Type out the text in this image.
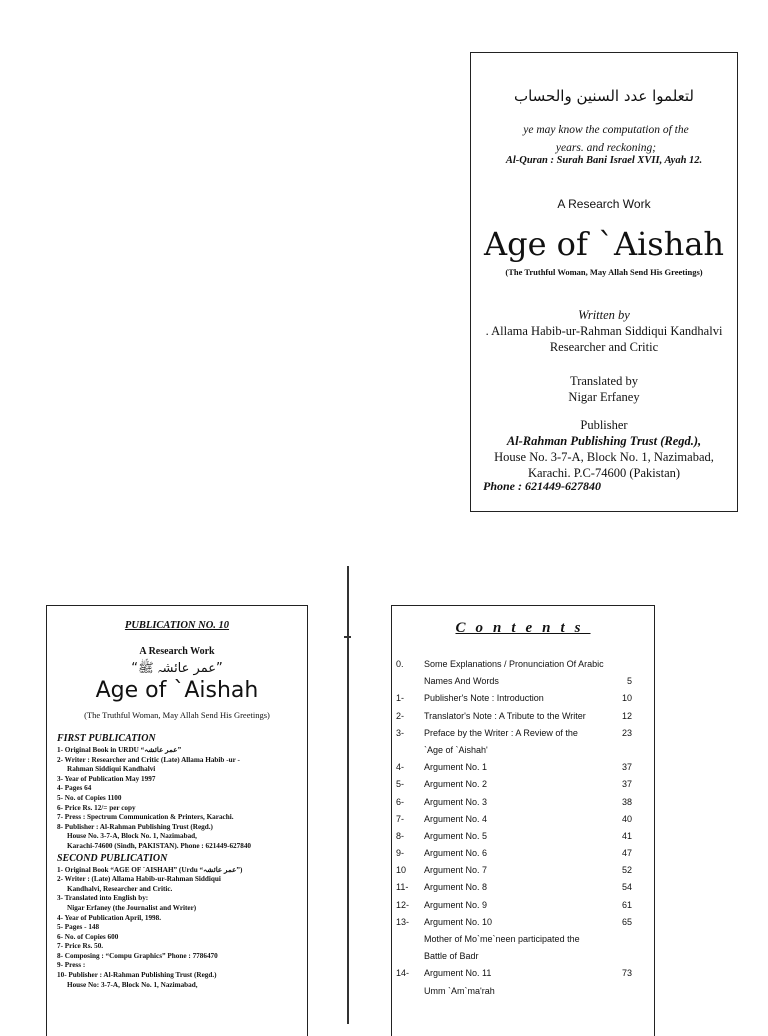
لتعلموا عدد السنين والحساب
ye may know the computation of the
years. and reckoning;
Al-Quran : Surah Bani Israel XVII, Ayah 12.
A Research Work
Age of `Aishah
(The Truthful Woman, May Allah Send His Greetings)
Written by
. Allama Habib-ur-Rahman Siddiqui Kandhalvi
Researcher and Critic
Translated by
Nigar Erfaney
Publisher
Al-Rahman Publishing Trust (Regd.),
House No. 3-7-A, Block No. 1, Nazimabad,
Karachi. P.C-74600 (Pakistan)
Phone : 621449-627840
PUBLICATION NO. 10
A Research Work
“عمر عائشہ ﷺ”
Age of `Aishah
(The Truthful Woman, May Allah Send His Greetings)
FIRST PUBLICATION
1- Original Book in URDU “عمر عائشہ”
2- Writer : Researcher and Critic (Late) Allama Habib -ur -
Rahman Siddiqui Kandhalvi
3- Year of Publication May 1997
4- Pages 64
5- No. of Copies 1100
6- Price Rs. 12/= per copy
7- Press : Spectrum Communication & Printers, Karachi.
8- Publisher : Al-Rahman Publishing Trust (Regd.)
House No. 3-7-A, Block No. 1, Nazimabad,
Karachi-74600 (Sindh, PAKISTAN). Phone : 621449-627840
SECOND PUBLICATION
1- Original Book “AGE OF `AISHAH” (Urdu “عمر عائشہ”)
2- Writer : (Late) Allama Habib-ur-Rahman Siddiqui
Kandhalvi, Researcher and Critic.
3- Translated into English by:
Nigar Erfaney (the Journalist and Writer)
4- Year of Publication April, 1998.
5- Pages - 148
6- No. of Copies 600
7- Price Rs. 50.
8- Composing : “Compu Graphics” Phone : 7786470
9- Press :
10- Publisher : Al-Rahman Publishing Trust (Regd.)
House No: 3-7-A, Block No. 1, Nazimabad,
Contents
0.	Some Explanations / Pronunciation Of Arabic
Names And Words	5
1-	Publisher's Note : Introduction	10
2-	Translator's Note : A Tribute to the Writer	12
3-	Preface by the Writer : A Review of the	23
`Age of `Aishah'
4-	Argument No. 1	37
5-	Argument No. 2	37
6-	Argument No. 3	38
7-	Argument No. 4	40
8-	Argument No. 5	41
9-	Argument No. 6	47
10	Argument No. 7	52
11-	Argument No. 8	54
12-	Argument No. 9	61
13-	Argument No. 10	65
Mother of Mo`me`neen participated the
Battle of Badr
14-	Argument No. 11	73
Umm `Am`ma'rah
